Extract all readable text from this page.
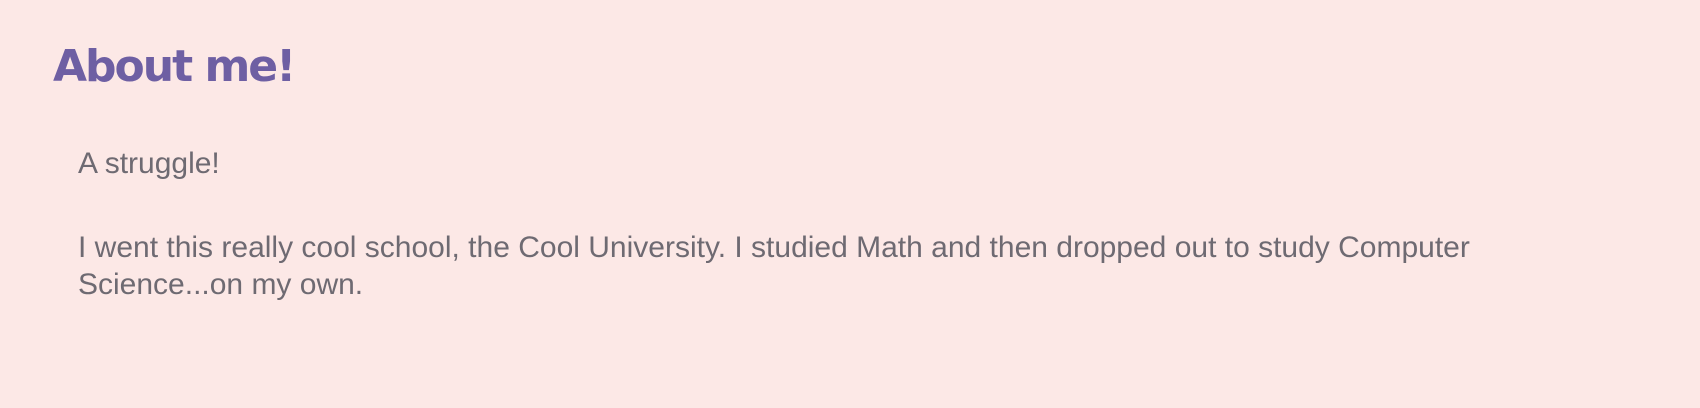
About me!

A struggle!

I went this really cool school, the Cool University. I studied Math and then dropped out to study Computer Science...on my own.
